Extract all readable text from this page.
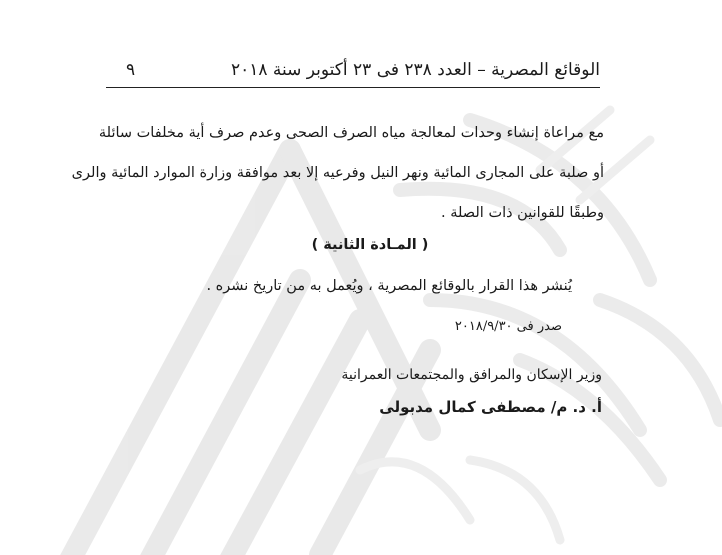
الوقائع المصرية – العدد ٢٣٨ فى ٢٣ أكتوبر سنة ٢٠١٨
٩
مع مراعاة إنشاء وحدات لمعالجة مياه الصرف الصحى وعدم صرف أية مخلفات سائلة
أو صلبة على المجارى المائية ونهر النيل وفرعيه إلا بعد موافقة وزارة الموارد المائية والرى
وطبقًا للقوانين ذات الصلة .
( المـادة الثانية )
يُنشر هذا القرار بالوقائع المصرية ، ويُعمل به من تاريخ نشره .
صدر فى ٢٠١٨/٩/٣٠
وزير الإسكان والمرافق والمجتمعات العمرانية
أ. د. م/ مصطفى كمال مدبولى
